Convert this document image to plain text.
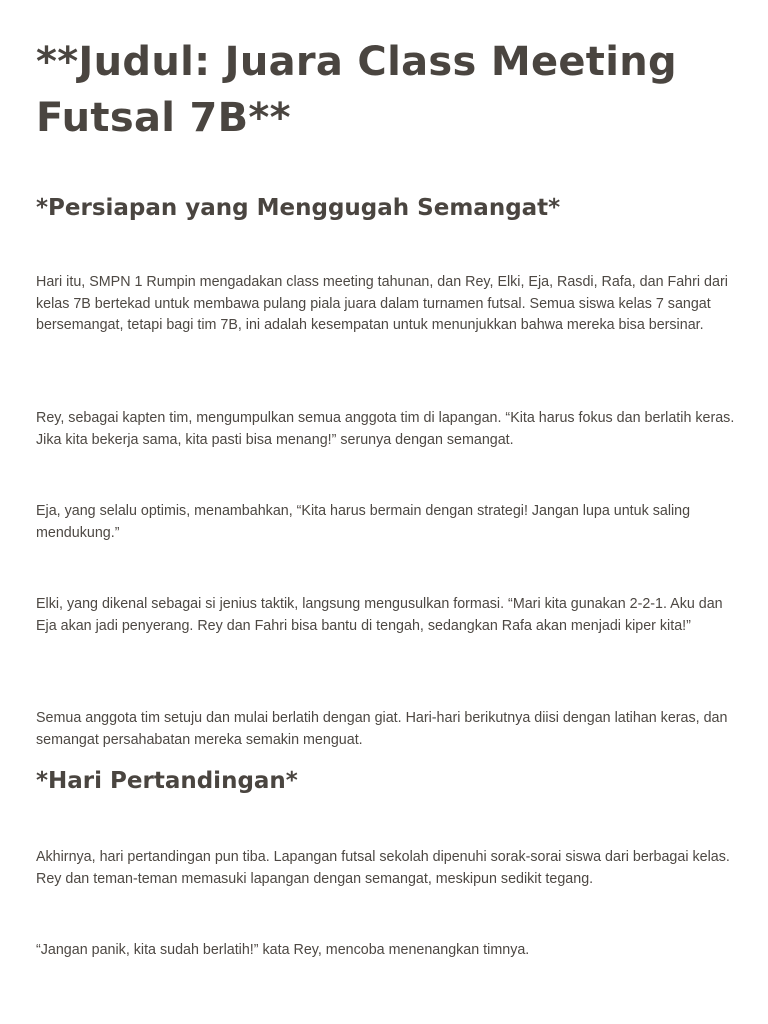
**Judul: Juara Class Meeting Futsal 7B**
*Persiapan yang Menggugah Semangat*

Hari itu, SMPN 1 Rumpin mengadakan class meeting tahunan, dan Rey, Elki, Eja, Rasdi, Rafa, dan Fahri dari kelas 7B bertekad untuk membawa pulang piala juara dalam turnamen futsal. Semua siswa kelas 7 sangat bersemangat, tetapi bagi tim 7B, ini adalah kesempatan untuk menunjukkan bahwa mereka bisa bersinar.

Rey, sebagai kapten tim, mengumpulkan semua anggota tim di lapangan. “Kita harus fokus dan berlatih keras. Jika kita bekerja sama, kita pasti bisa menang!” serunya dengan semangat.

Eja, yang selalu optimis, menambahkan, “Kita harus bermain dengan strategi! Jangan lupa untuk saling mendukung.”

Elki, yang dikenal sebagai si jenius taktik, langsung mengusulkan formasi. “Mari kita gunakan 2-2-1. Aku dan Eja akan jadi penyerang. Rey dan Fahri bisa bantu di tengah, sedangkan Rafa akan menjadi kiper kita!”

Semua anggota tim setuju dan mulai berlatih dengan giat. Hari-hari berikutnya diisi dengan latihan keras, dan semangat persahabatan mereka semakin menguat.

*Hari Pertandingan*

Akhirnya, hari pertandingan pun tiba. Lapangan futsal sekolah dipenuhi sorak-sorai siswa dari berbagai kelas. Rey dan teman-teman memasuki lapangan dengan semangat, meskipun sedikit tegang.

“Jangan panik, kita sudah berlatih!” kata Rey, mencoba menenangkan timnya.
